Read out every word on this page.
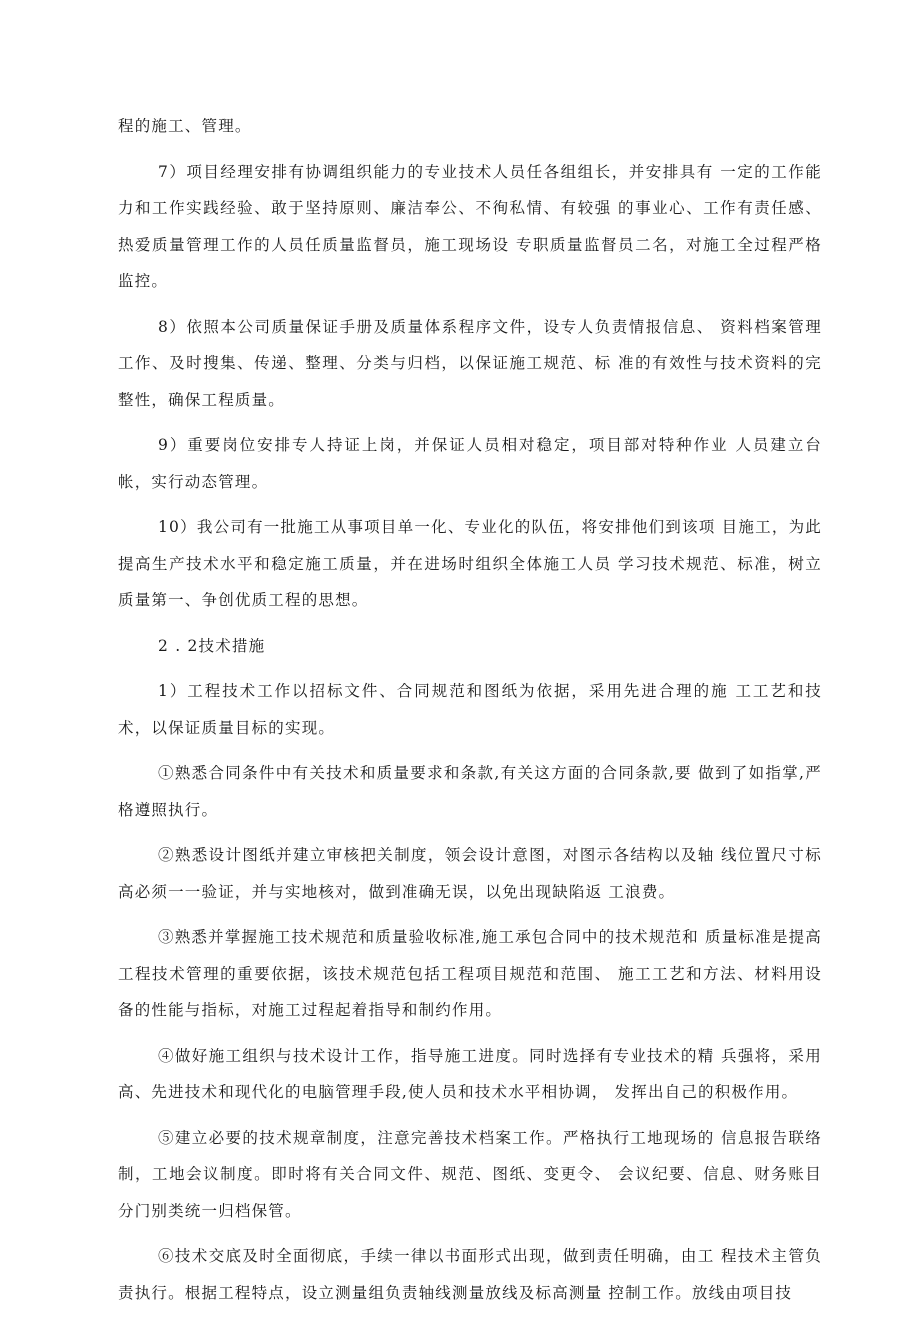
程的施工、管理。

7）项目经理安排有协调组织能力的专业技术人员任各组组长，并安排具有 一定的工作能力和工作实践经验、敢于坚持原则、廉洁奉公、不徇私情、有较强 的事业心、工作有责任感、热爱质量管理工作的人员任质量监督员，施工现场设 专职质量监督员二名，对施工全过程严格监控。

8）依照本公司质量保证手册及质量体系程序文件，设专人负责情报信息、 资料档案管理工作、及时搜集、传递、整理、分类与归档，以保证施工规范、标 准的有效性与技术资料的完整性，确保工程质量。

9）重要岗位安排专人持证上岗，并保证人员相对稳定，项目部对特种作业 人员建立台帐，实行动态管理。

10）我公司有一批施工从事项目单一化、专业化的队伍，将安排他们到该项 目施工，为此提高生产技术水平和稳定施工质量，并在进场时组织全体施工人员 学习技术规范、标准，树立质量第一、争创优质工程的思想。

2 . 2技术措施

1）工程技术工作以招标文件、合同规范和图纸为依据，采用先进合理的施 工工艺和技术，以保证质量目标的实现。

①熟悉合同条件中有关技术和质量要求和条款,有关这方面的合同条款,要 做到了如指掌,严格遵照执行。

②熟悉设计图纸并建立审核把关制度，领会设计意图，对图示各结构以及轴 线位置尺寸标高必须一一验证，并与实地核对，做到准确无误，以免出现缺陷返 工浪费。

③熟悉并掌握施工技术规范和质量验收标准,施工承包合同中的技术规范和 质量标准是提高工程技术管理的重要依据，该技术规范包括工程项目规范和范围、 施工工艺和方法、材料用设备的性能与指标，对施工过程起着指导和制约作用。

④做好施工组织与技术设计工作，指导施工进度。同时选择有专业技术的精 兵强将，采用高、先进技术和现代化的电脑管理手段,使人员和技术水平相协调， 发挥出自己的积极作用。

⑤建立必要的技术规章制度，注意完善技术档案工作。严格执行工地现场的 信息报告联络制，工地会议制度。即时将有关合同文件、规范、图纸、变更令、 会议纪要、信息、财务账目分门别类统一归档保管。

⑥技术交底及时全面彻底，手续一律以书面形式出现，做到责任明确，由工 程技术主管负责执行。根据工程特点，设立测量组负责轴线测量放线及标高测量 控制工作。放线由项目技
